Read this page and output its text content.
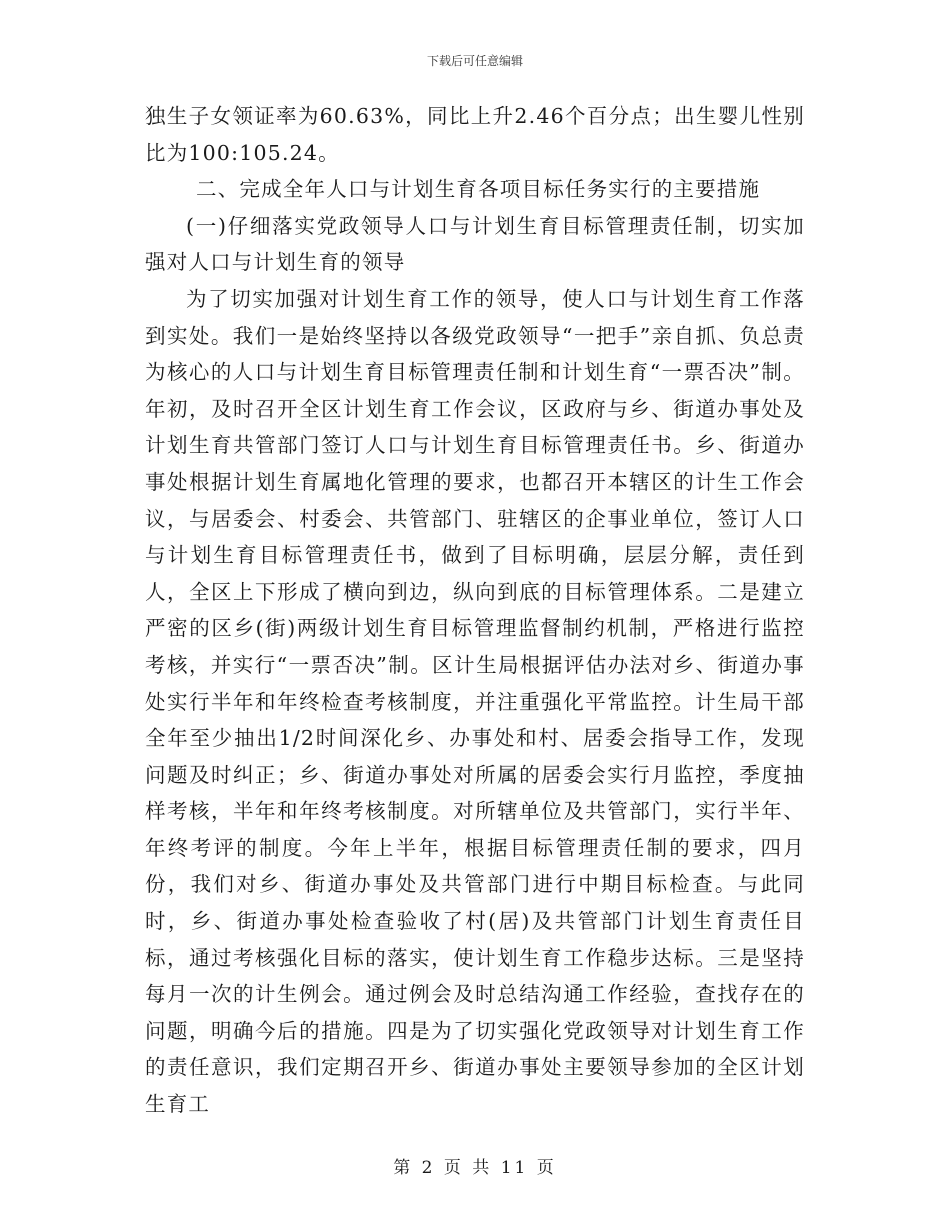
下载后可任意编辑

独生子女领证率为60.63%，同比上升2.46个百分点；出生婴儿性别比为100:105.24。

二、完成全年人口与计划生育各项目标任务实行的主要措施

(一)仔细落实党政领导人口与计划生育目标管理责任制，切实加强对人口与计划生育的领导

为了切实加强对计划生育工作的领导，使人口与计划生育工作落到实处。我们一是始终坚持以各级党政领导“一把手”亲自抓、负总责为核心的人口与计划生育目标管理责任制和计划生育“一票否决”制。年初，及时召开全区计划生育工作会议，区政府与乡、街道办事处及计划生育共管部门签订人口与计划生育目标管理责任书。乡、街道办事处根据计划生育属地化管理的要求，也都召开本辖区的计生工作会议，与居委会、村委会、共管部门、驻辖区的企事业单位，签订人口与计划生育目标管理责任书，做到了目标明确，层层分解，责任到人，全区上下形成了横向到边，纵向到底的目标管理体系。二是建立严密的区乡(街)两级计划生育目标管理监督制约机制，严格进行监控考核，并实行“一票否决”制。区计生局根据评估办法对乡、街道办事处实行半年和年终检查考核制度，并注重强化平常监控。计生局干部全年至少抽出1/2时间深化乡、办事处和村、居委会指导工作，发现问题及时纠正；乡、街道办事处对所属的居委会实行月监控，季度抽样考核，半年和年终考核制度。对所辖单位及共管部门，实行半年、年终考评的制度。今年上半年，根据目标管理责任制的要求，四月份，我们对乡、街道办事处及共管部门进行中期目标检查。与此同时，乡、街道办事处检查验收了村(居)及共管部门计划生育责任目标，通过考核强化目标的落实，使计划生育工作稳步达标。三是坚持每月一次的计生例会。通过例会及时总结沟通工作经验，查找存在的问题，明确今后的措施。四是为了切实强化党政领导对计划生育工作的责任意识，我们定期召开乡、街道办事处主要领导参加的全区计划生育工

第 2 页 共 11 页
